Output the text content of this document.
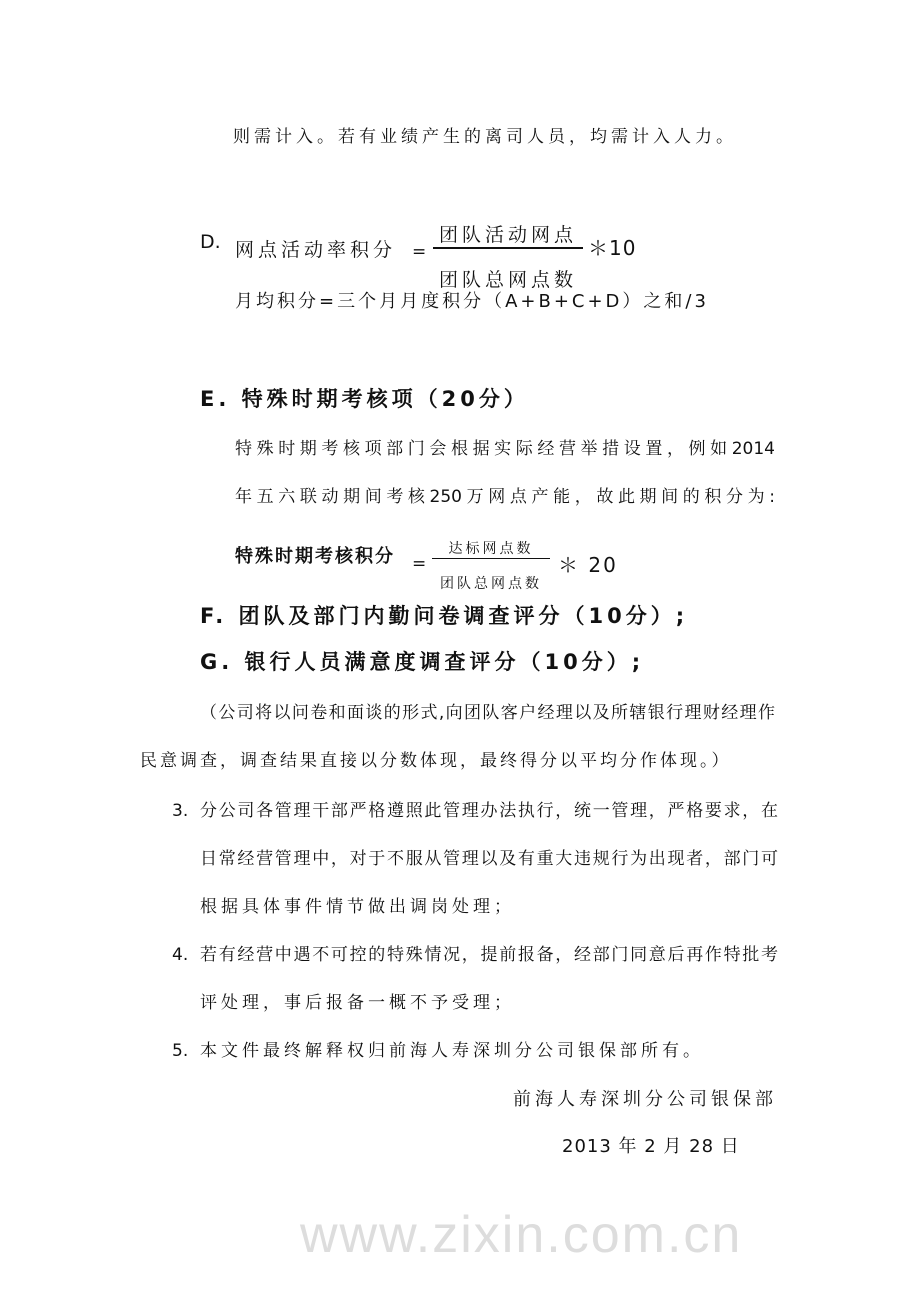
www.zixin.com.cn
则需计入。若有业绩产生的离司人员，均需计入人力。
D. 网点活动率积分 =
团队活动网点
团队总网点数
＊10
月均积分=三个月月度积分（A+B+C+D）之和/3
E. 特殊时期考核项（20分）
特殊时期考核项部门会根据实际经营举措设置，例如2014
年五六联动期间考核250万网点产能，故此期间的积分为:
特殊时期考核积分 =
达标网点数
团队总网点数
＊ 20
F. 团队及部门内勤问卷调查评分（10分）;
G. 银行人员满意度调查评分（10分）;
（公司将以问卷和面谈的形式,向团队客户经理以及所辖银行理财经理作
民意调查，调查结果直接以分数体现，最终得分以平均分作体现。）
3. 分公司各管理干部严格遵照此管理办法执行，统一管理，严格要求，在
日常经营管理中，对于不服从管理以及有重大违规行为出现者，部门可
根据具体事件情节做出调岗处理；
4. 若有经营中遇不可控的特殊情况，提前报备，经部门同意后再作特批考
评处理，事后报备一概不予受理；
5. 本文件最终解释权归前海人寿深圳分公司银保部所有。
前海人寿深圳分公司银保部
2013 年 2 月 28 日
